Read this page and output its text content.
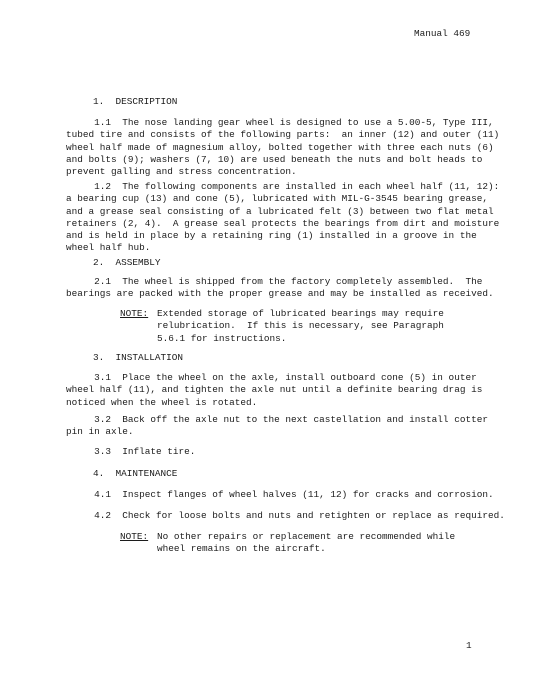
Manual 469
1.  DESCRIPTION
1.1  The nose landing gear wheel is designed to use a 5.00-5, Type III,
tubed tire and consists of the following parts:  an inner (12) and outer (11)
wheel half made of magnesium alloy, bolted together with three each nuts (6)
and bolts (9); washers (7, 10) are used beneath the nuts and bolt heads to
prevent galling and stress concentration.
1.2  The following components are installed in each wheel half (11, 12):
a bearing cup (13) and cone (5), lubricated with MIL-G-3545 bearing grease,
and a grease seal consisting of a lubricated felt (3) between two flat metal
retainers (2, 4).  A grease seal protects the bearings from dirt and moisture
and is held in place by a retaining ring (1) installed in a groove in the
wheel half hub.
2.  ASSEMBLY
2.1  The wheel is shipped from the factory completely assembled.  The
bearings are packed with the proper grease and may be installed as received.
NOTE: Extended storage of lubricated bearings may require
relubrication.  If this is necessary, see Paragraph
5.6.1 for instructions.
3.  INSTALLATION
3.1  Place the wheel on the axle, install outboard cone (5) in outer
wheel half (11), and tighten the axle nut until a definite bearing drag is
noticed when the wheel is rotated.
3.2  Back off the axle nut to the next castellation and install cotter
pin in axle.
3.3  Inflate tire.
4.  MAINTENANCE
4.1  Inspect flanges of wheel halves (11, 12) for cracks and corrosion.
4.2  Check for loose bolts and nuts and retighten or replace as required.
NOTE: No other repairs or replacement are recommended while
wheel remains on the aircraft.
1
